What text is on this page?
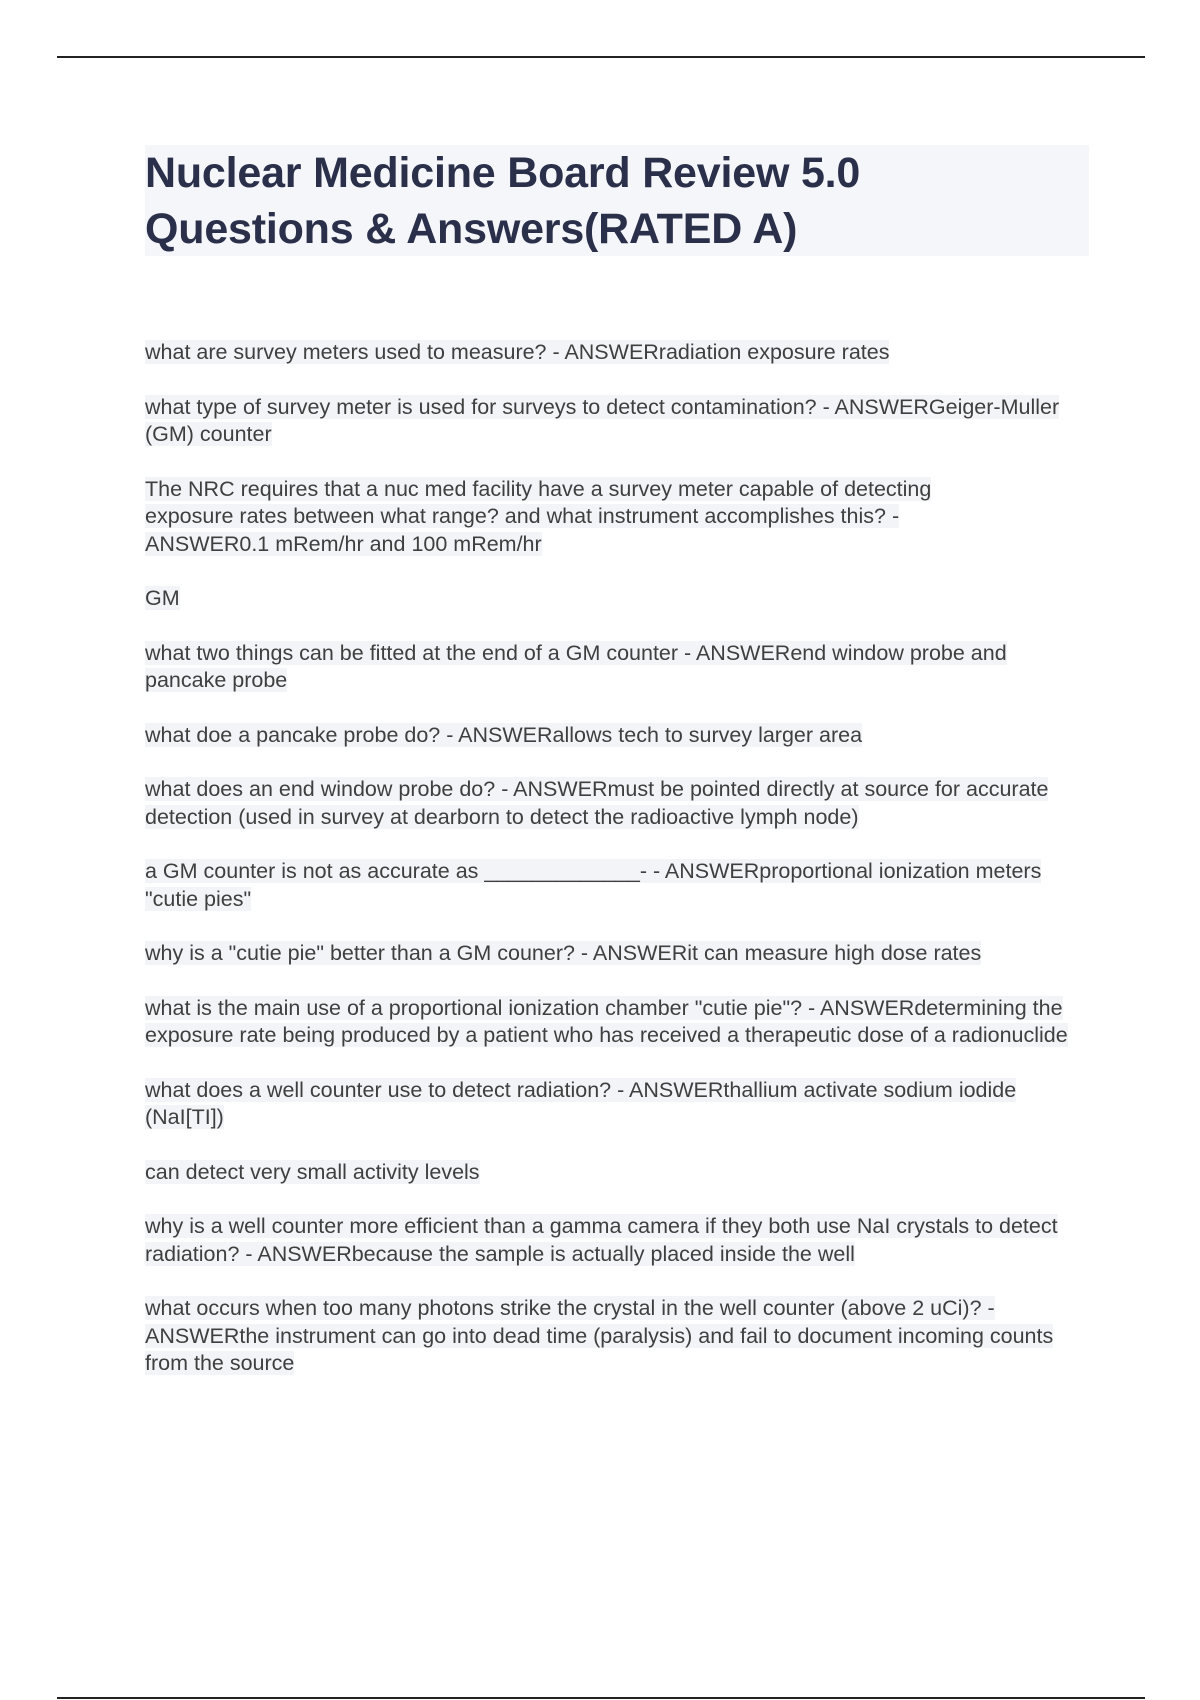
Nuclear Medicine Board Review 5.0
Questions & Answers(RATED A)

what are survey meters used to measure? - ANSWERradiation exposure rates

what type of survey meter is used for surveys to detect contamination? - ANSWERGeiger-Muller (GM) counter

The NRC requires that a nuc med facility have a survey meter capable of detecting exposure rates between what range? and what instrument accomplishes this? - ANSWER0.1 mRem/hr and 100 mRem/hr

GM

what two things can be fitted at the end of a GM counter - ANSWERend window probe and pancake probe

what doe a pancake probe do? - ANSWERallows tech to survey larger area

what does an end window probe do? - ANSWERmust be pointed directly at source for accurate detection (used in survey at dearborn to detect the radioactive lymph node)

a GM counter is not as accurate as _____________- - ANSWERproportional ionization meters "cutie pies"

why is a "cutie pie" better than a GM couner? - ANSWERit can measure high dose rates

what is the main use of a proportional ionization chamber "cutie pie"? - ANSWERdetermining the exposure rate being produced by a patient who has received a therapeutic dose of a radionuclide

what does a well counter use to detect radiation? - ANSWERthallium activate sodium iodide (NaI[TI])

can detect very small activity levels

why is a well counter more efficient than a gamma camera if they both use NaI crystals to detect radiation? - ANSWERbecause the sample is actually placed inside the well

what occurs when too many photons strike the crystal in the well counter (above 2 uCi)? - ANSWERthe instrument can go into dead time (paralysis) and fail to document incoming counts from the source
